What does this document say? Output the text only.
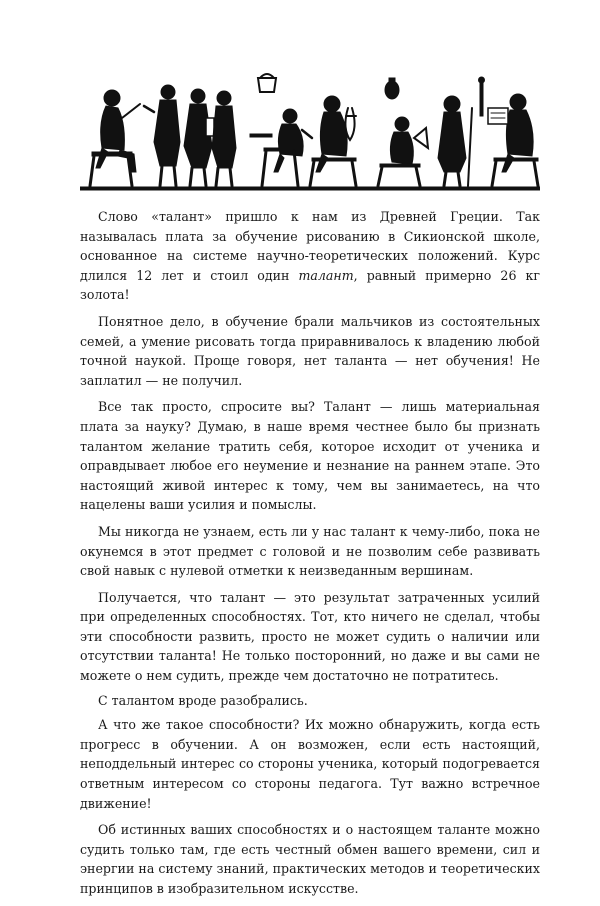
Слово «талант» пришло к нам из Древней Греции. Так называлась плата за обучение рисованию в Сикионской школе, основанное на системе научно-теоретических положений. Курс длился 12 лет и стоил один талант, равный примерно 26 кг золота!

Понятное дело, в обучение брали мальчиков из состоятельных семей, а умение рисовать тогда приравнивалось к владению любой точной наукой. Проще говоря, нет таланта — нет обучения! Не заплатил — не получил.

Все так просто, спросите вы? Талант — лишь материальная плата за науку? Думаю, в наше время честнее было бы признать талантом желание тратить себя, которое исходит от ученика и оправдывает любое его неумение и незнание на раннем этапе. Это настоящий живой интерес к тому, чем вы занимаетесь, на что нацелены ваши усилия и помыслы.

Мы никогда не узнаем, есть ли у нас талант к чему-либо, пока не окунемся в этот предмет с головой и не позволим себе развивать свой навык с нулевой отметки к неизведанным вершинам.

Получается, что талант — это результат затраченных усилий при определенных способностях. Тот, кто ничего не сделал, чтобы эти способности развить, просто не может судить о наличии или отсутствии таланта! Не только посторонний, но даже и вы сами не можете о нем судить, прежде чем достаточно не потратитесь.

С талантом вроде разобрались.

А что же такое способности? Их можно обнаружить, когда есть прогресс в обучении. А он возможен, если есть настоящий, неподдельный интерес со стороны ученика, который подогревается ответным интересом со стороны педагога. Тут важно встречное движение!

Об истинных ваших способностях и о настоящем таланте можно судить только там, где есть честный обмен вашего времени, сил и энергии на систему знаний, практических методов и теоретических принципов в изобразительном искусстве.
